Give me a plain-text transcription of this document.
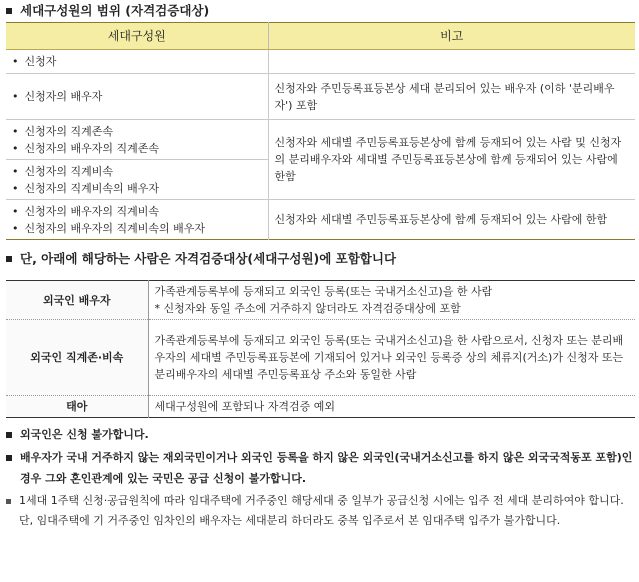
세대구성원의 범위 (자격검증대상)
세대구성원	비고

• 신청자

• 신청자의 배우자	신청자와 주민등록표등본상 세대 분리되어 있는 배우자 (이하 '분리배우자') 포함

• 신청자의 직계존속
• 신청자의 배우자의 직계존속	신청자와 세대별 주민등록표등본상에 함께 등재되어 있는 사람 및 신청자의 분리배우자와 세대별 주민등록표등본상에 함께 등재되어 있는 사람에 한함

• 신청자의 직계비속
• 신청자의 직계비속의 배우자

• 신청자의 배우자의 직계비속
• 신청자의 배우자의 직계비속의 배우자	신청자와 세대별 주민등록표등본상에 함께 등재되어 있는 사람에 한함
단, 아래에 해당하는 사람은 자격검증대상(세대구성원)에 포함합니다
외국인 배우자	가족관계등록부에 등재되고 외국인 등록(또는 국내거소신고)을 한 사람
* 신청자와 동일 주소에 거주하지 않더라도 자격검증대상에 포함

외국인 직계존·비속	가족관계등록부에 등재되고 외국인 등록(또는 국내거소신고)을 한 사람으로서, 신청자 또는 분리배우자의 세대별 주민등록표등본에 기재되어 있거나 외국인 등록증 상의 체류지(거소)가 신청자 또는 분리배우자의 세대별 주민등록표상 주소와 동일한 사람
태아	세대구성원에 포함되나 자격검증 예외
외국인은 신청 불가합니다.
배우자가 국내 거주하지 않는 재외국민이거나 외국인 등록을 하지 않은 외국인(국내거소신고를 하지 않은 외국국적동포 포함)인 경우 그와 혼인관계에 있는 국민은 공급 신청이 불가합니다.
1세대 1주택 신청·공급원칙에 따라 임대주택에 거주중인 해당세대 중 일부가 공급신청 시에는 입주 전 세대 분리하여야 합니다. 단, 임대주택에 기 거주중인 임차인의 배우자는 세대분리 하더라도 중복 입주로서 본 임대주택 입주가 불가합니다.
